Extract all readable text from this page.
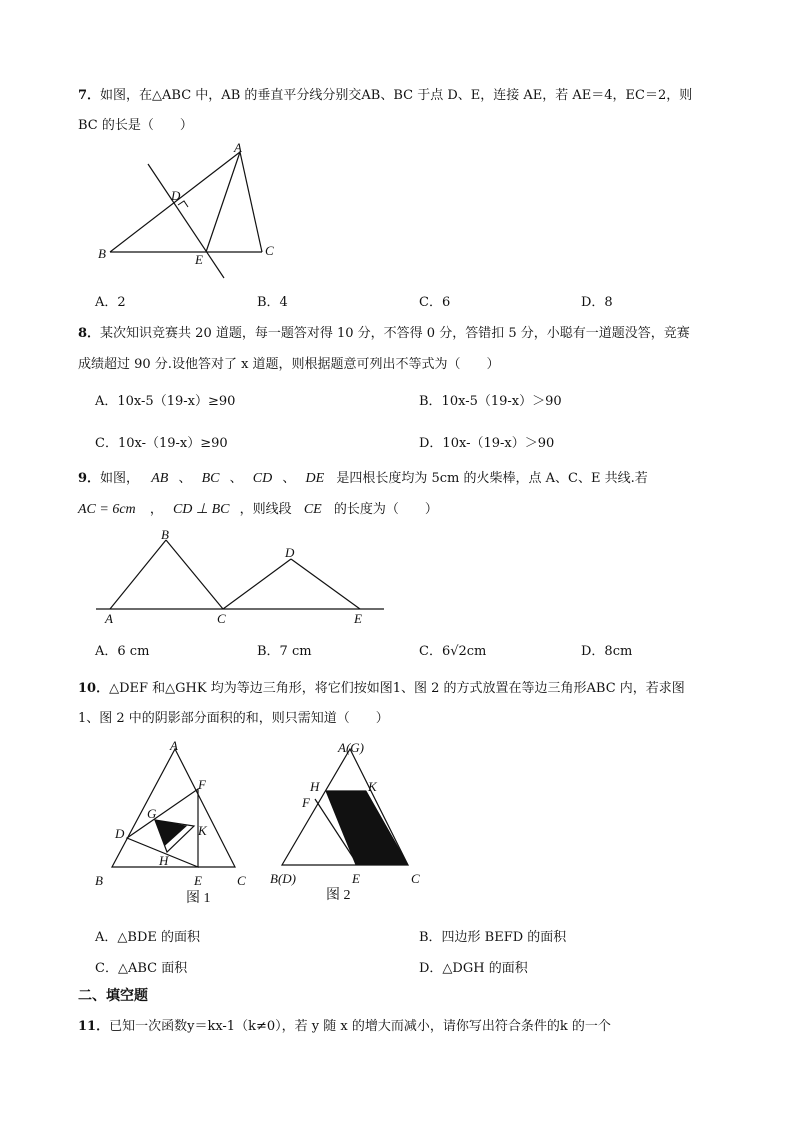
7．如图，在△ABC 中，AB 的垂直平分线分别交AB、BC 于点 D、E，连接 AE，若 AE＝4，EC＝2，则
BC 的长是（　　）
A
B	C
D
E
A．2	B．4	C．6	D．8
8．某次知识竞赛共 20 道题，每一题答对得 10 分，不答得 0 分，答错扣 5 分，小聪有一道题没答，竞赛
成绩超过 90 分.设他答对了 x 道题，则根据题意可列出不等式为（　　）
A．10x-5（19-x）≥90	B．10x-5（19-x）＞90
C．10x-（19-x）≥90	D．10x-（19-x）＞90
9．如图， AB 、 BC 、 CD 、 DE 是四根长度均为 5cm 的火柴棒，点 A、C、E 共线.若
AC = 6cm ， CD ⊥ BC ，则线段 CE 的长度为（　　）
A
B
C
D
E
A．6 cm	B．7 cm	C．6√2cm	D．8cm
10．△DEF 和△GHK 均为等边三角形，将它们按如图1、图 2 的方式放置在等边三角形ABC 内，若求图
1、图 2 中的阴影部分面积的和，则只需知道（　　）
A
B	C
D
E
F
G
H
K
图 1
A(G)
B(D)	C
E
F
H	K
图 2
A．△BDE 的面积	B．四边形 BEFD 的面积
C．△ABC 面积	D．△DGH 的面积
二、填空题
11．已知一次函数y＝kx-1（k≠0），若 y 随 x 的增大而减小，请你写出符合条件的k 的一个
